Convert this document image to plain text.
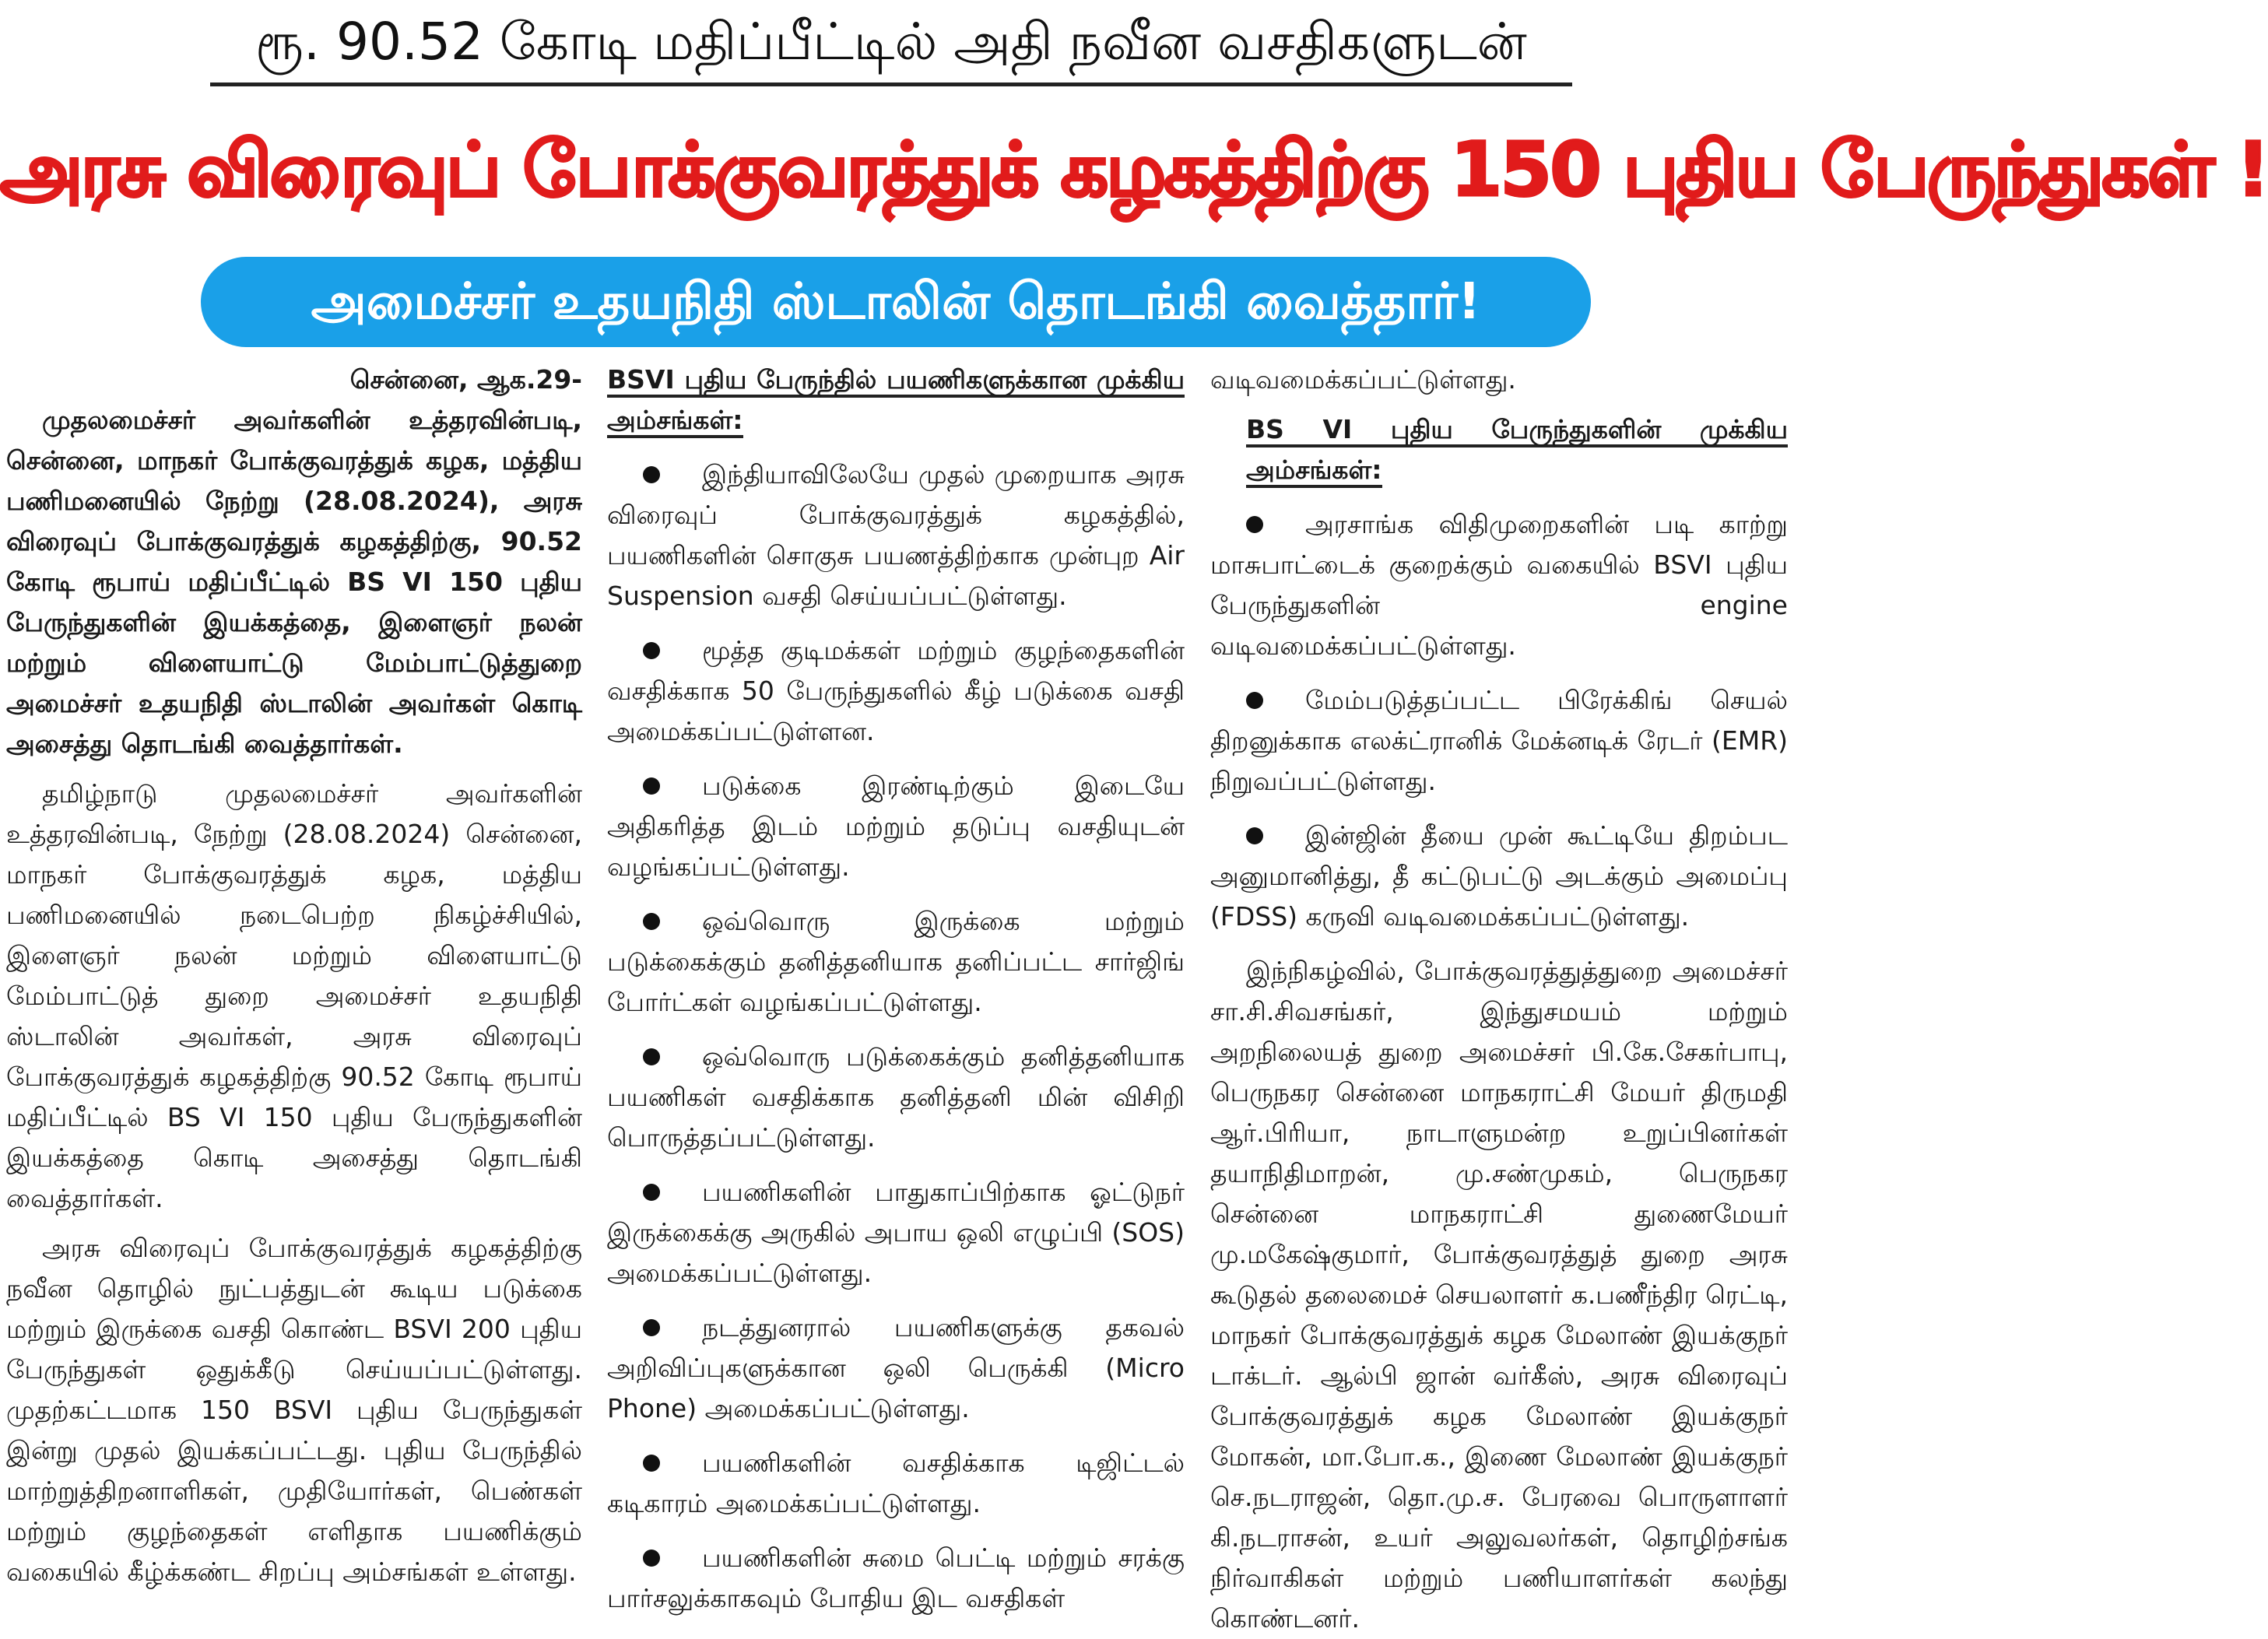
ரூ. 90.52 கோடி மதிப்பீட்டில் அதி நவீன வசதிகளுடன்
அரசு விரைவுப் போக்குவரத்துக் கழகத்திற்கு 150 புதிய பேருந்துகள் !
அமைச்சர் உதயநிதி ஸ்டாலின் தொடங்கி வைத்தார்!

சென்னை, ஆக.29-

முதலமைச்சர் அவர்களின் உத்தரவின்படி, சென்னை, மாநகர் போக்குவரத்துக் கழக, மத்திய பணிமனையில் நேற்று (28.08.2024), அரசு விரைவுப் போக்குவரத்துக் கழகத்திற்கு, 90.52 கோடி ரூபாய் மதிப்பீட்டில் BS VI 150 புதிய பேருந்துகளின் இயக்கத்தை, இளைஞர் நலன் மற்றும் விளையாட்டு மேம்பாட்டுத்துறை அமைச்சர் உதயநிதி ஸ்டாலின் அவர்கள் கொடி அசைத்து தொடங்கி வைத்தார்கள்.

தமிழ்நாடு முதலமைச்சர் அவர்களின் உத்தரவின்படி, நேற்று (28.08.2024) சென்னை, மாநகர் போக்குவரத்துக் கழக, மத்திய பணிமனையில் நடைபெற்ற நிகழ்ச்சியில், இளைஞர் நலன் மற்றும் விளையாட்டு மேம்பாட்டுத் துறை அமைச்சர் உதயநிதி ஸ்டாலின் அவர்கள், அரசு விரைவுப் போக்குவரத்துக் கழகத்திற்கு 90.52 கோடி ரூபாய் மதிப்பீட்டில் BS VI 150 புதிய பேருந்துகளின் இயக்கத்தை கொடி அசைத்து தொடங்கி வைத்தார்கள்.

அரசு விரைவுப் போக்குவரத்துக் கழகத்திற்கு நவீன தொழில் நுட்பத்துடன் கூடிய படுக்கை மற்றும் இருக்கை வசதி கொண்ட BSVI 200 புதிய பேருந்துகள் ஒதுக்கீடு செய்யப்பட்டுள்ளது. முதற்கட்டமாக 150 BSVI புதிய பேருந்துகள் இன்று முதல் இயக்கப்பட்டது. புதிய பேருந்தில் மாற்றுத்திறனாளிகள், முதியோர்கள், பெண்கள் மற்றும் குழந்தைகள் எளிதாக பயணிக்கும் வகையில் கீழ்க்கண்ட சிறப்பு அம்சங்கள் உள்ளது.

BSVI புதிய பேருந்தில் பயணிகளுக்கான முக்கிய அம்சங்கள்:

இந்தியாவிலேயே முதல் முறையாக அரசு விரைவுப் போக்குவரத்துக் கழகத்தில், பயணிகளின் சொகுசு பயணத்திற்காக முன்புற Air Suspension வசதி செய்யப்பட்டுள்ளது.

மூத்த குடிமக்கள் மற்றும் குழந்தைகளின் வசதிக்காக 50 பேருந்துகளில் கீழ் படுக்கை வசதி அமைக்கப்பட்டுள்ளன.

படுக்கை இரண்டிற்கும் இடையே அதிகரித்த இடம் மற்றும் தடுப்பு வசதியுடன் வழங்கப்பட்டுள்ளது.

ஒவ்வொரு இருக்கை மற்றும் படுக்கைக்கும் தனித்தனியாக தனிப்பட்ட சார்ஜிங் போர்ட்கள் வழங்கப்பட்டுள்ளது.

ஒவ்வொரு படுக்கைக்கும் தனித்தனியாக பயணிகள் வசதிக்காக தனித்தனி மின் விசிறி பொருத்தப்பட்டுள்ளது.

பயணிகளின் பாதுகாப்பிற்காக ஓட்டுநர் இருக்கைக்கு அருகில் அபாய ஒலி எழுப்பி (SOS) அமைக்கப்பட்டுள்ளது.

நடத்துனரால் பயணிகளுக்கு தகவல் அறிவிப்புகளுக்கான ஒலி பெருக்கி (Micro Phone) அமைக்கப்பட்டுள்ளது.

பயணிகளின் வசதிக்காக டிஜிட்டல் கடிகாரம் அமைக்கப்பட்டுள்ளது.

பயணிகளின் சுமை பெட்டி மற்றும் சரக்கு பார்சலுக்காகவும் போதிய இட வசதிகள்

வடிவமைக்கப்பட்டுள்ளது.

BS VI புதிய பேருந்துகளின் முக்கிய அம்சங்கள்:

அரசாங்க விதிமுறைகளின் படி காற்று மாசுபாட்டைக் குறைக்கும் வகையில் BSVI புதிய பேருந்துகளின் engine வடிவமைக்கப்பட்டுள்ளது.

மேம்படுத்தப்பட்ட பிரேக்கிங் செயல் திறனுக்காக எலக்ட்ரானிக் மேக்னடிக் ரேடர் (EMR) நிறுவப்பட்டுள்ளது.

இன்ஜின் தீயை முன் கூட்டியே திறம்பட அனுமானித்து, தீ கட்டுபட்டு அடக்கும் அமைப்பு (FDSS) கருவி வடிவமைக்கப்பட்டுள்ளது.

இந்நிகழ்வில், போக்குவரத்துத்துறை அமைச்சர் சா.சி.சிவசங்கர், இந்துசமயம் மற்றும் அறநிலையத் துறை அமைச்சர் பி.கே.சேகர்பாபு, பெருநகர சென்னை மாநகராட்சி மேயர் திருமதி ஆர்.பிரியா, நாடாளுமன்ற உறுப்பினர்கள் தயாநிதிமாறன், மு.சண்முகம், பெருநகர சென்னை மாநகராட்சி துணைமேயர் மு.மகேஷ்குமார், போக்குவரத்துத் துறை அரசு கூடுதல் தலைமைச் செயலாளர் க.பணீந்திர ரெட்டி, மாநகர் போக்குவரத்துக் கழக மேலாண் இயக்குநர் டாக்டர். ஆல்பி ஜான் வர்கீஸ், அரசு விரைவுப் போக்குவரத்துக் கழக மேலாண் இயக்குநர் மோகன், மா.போ.க., இணை மேலாண் இயக்குநர் செ.நடராஜன், தொ.மு.ச. பேரவை பொருளாளர் கி.நடராசன், உயர் அலுவலர்கள், தொழிற்சங்க நிர்வாகிகள் மற்றும் பணியாளர்கள் கலந்து கொண்டனர்.
